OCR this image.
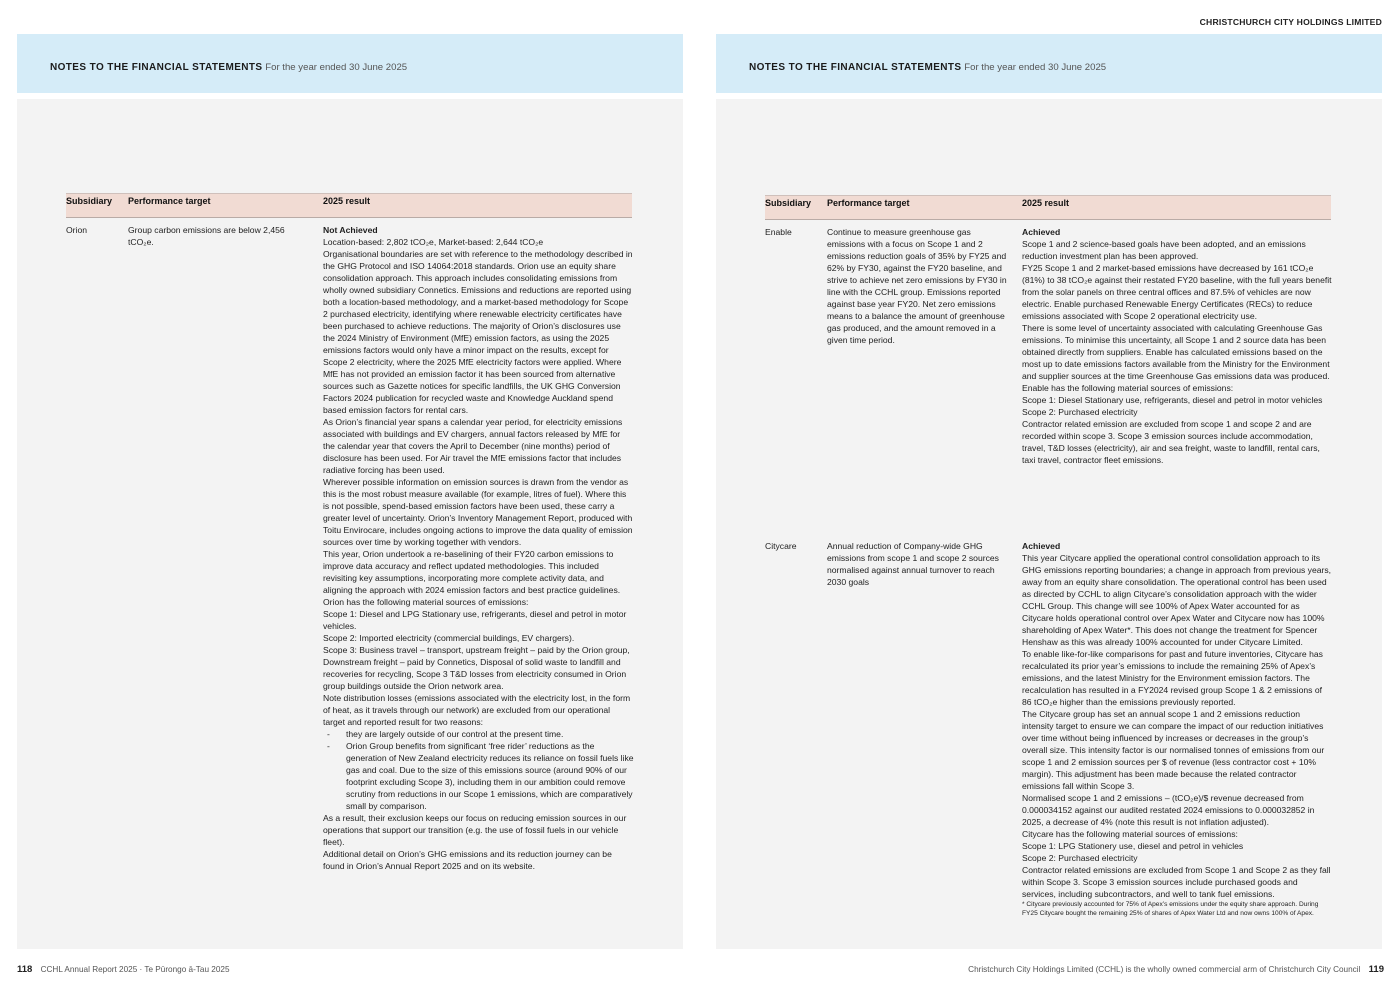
CHRISTCHURCH CITY HOLDINGS LIMITED
NOTES TO THE FINANCIAL STATEMENTS For the year ended 30 June 2025
Subsidiary Performance target	2025 result
Orion	Group carbon emissions are below 2,456 tCO₂e.
Not Achieved
Location-based: 2,802 tCO₂e, Market-based: 2,644 tCO₂e
Organisational boundaries are set with reference to the methodology described in the GHG Protocol and ISO 14064:2018 standards. Orion use an equity share consolidation approach. This approach includes consolidating emissions from wholly owned subsidiary Connetics. Emissions and reductions are reported using both a location-based methodology, and a market-based methodology for Scope 2 purchased electricity, identifying where renewable electricity certificates have been purchased to achieve reductions. The majority of Orion’s disclosures use the 2024 Ministry of Environment (MfE) emission factors, as using the 2025 emissions factors would only have a minor impact on the results, except for Scope 2 electricity, where the 2025 MfE electricity factors were applied. Where MfE has not provided an emission factor it has been sourced from alternative sources such as Gazette notices for specific landfills, the UK GHG Conversion Factors 2024 publication for recycled waste and Knowledge Auckland spend based emission factors for rental cars.
As Orion’s financial year spans a calendar year period, for electricity emissions associated with buildings and EV chargers, annual factors released by MfE for the calendar year that covers the April to December (nine months) period of disclosure has been used. For Air travel the MfE emissions factor that includes radiative forcing has been used.
Wherever possible information on emission sources is drawn from the vendor as this is the most robust measure available (for example, litres of fuel). Where this is not possible, spend-based emission factors have been used, these carry a greater level of uncertainty. Orion’s Inventory Management Report, produced with Toitu Envirocare, includes ongoing actions to improve the data quality of emission sources over time by working together with vendors.
This year, Orion undertook a re-baselining of their FY20 carbon emissions to improve data accuracy and reflect updated methodologies. This included revisiting key assumptions, incorporating more complete activity data, and aligning the approach with 2024 emission factors and best practice guidelines.
Orion has the following material sources of emissions:
Scope 1: Diesel and LPG Stationary use, refrigerants, diesel and petrol in motor vehicles.
Scope 2: Imported electricity (commercial buildings, EV chargers).
Scope 3: Business travel – transport, upstream freight – paid by the Orion group, Downstream freight – paid by Connetics, Disposal of solid waste to landfill and recoveries for recycling, Scope 3 T&D losses from electricity consumed in Orion group buildings outside the Orion network area.
Note distribution losses (emissions associated with the electricity lost, in the form of heat, as it travels through our network) are excluded from our operational target and reported result for two reasons:
- they are largely outside of our control at the present time.
- Orion Group benefits from significant ‘free rider’ reductions as the generation of New Zealand electricity reduces its reliance on fossil fuels like gas and coal. Due to the size of this emissions source (around 90% of our footprint excluding Scope 3), including them in our ambition could remove scrutiny from reductions in our Scope 1 emissions, which are comparatively small by comparison.
As a result, their exclusion keeps our focus on reducing emission sources in our operations that support our transition (e.g. the use of fossil fuels in our vehicle fleet).
Additional detail on Orion’s GHG emissions and its reduction journey can be found in Orion’s Annual Report 2025 and on its website.
NOTES TO THE FINANCIAL STATEMENTS For the year ended 30 June 2025
Subsidiary Performance target	2025 result
Enable	Continue to measure greenhouse gas emissions with a focus on Scope 1 and 2 emissions reduction goals of 35% by FY25 and 62% by FY30, against the FY20 baseline, and strive to achieve net zero emissions by FY30 in line with the CCHL group. Emissions reported against base year FY20. Net zero emissions means to a balance the amount of greenhouse gas produced, and the amount removed in a given time period.
Achieved
Scope 1 and 2 science-based goals have been adopted, and an emissions reduction investment plan has been approved.
FY25 Scope 1 and 2 market-based emissions have decreased by 161 tCO₂e (81%) to 38 tCO₂e against their restated FY20 baseline, with the full years benefit from the solar panels on three central offices and 87.5% of vehicles are now electric. Enable purchased Renewable Energy Certificates (RECs) to reduce emissions associated with Scope 2 operational electricity use.
There is some level of uncertainty associated with calculating Greenhouse Gas emissions. To minimise this uncertainty, all Scope 1 and 2 source data has been obtained directly from suppliers. Enable has calculated emissions based on the most up to date emissions factors available from the Ministry for the Environment and supplier sources at the time Greenhouse Gas emissions data was produced.
Enable has the following material sources of emissions:
Scope 1: Diesel Stationary use, refrigerants, diesel and petrol in motor vehicles
Scope 2: Purchased electricity
Contractor related emission are excluded from scope 1 and scope 2 and are recorded within scope 3. Scope 3 emission sources include accommodation, travel, T&D losses (electricity), air and sea freight, waste to landfill, rental cars, taxi travel, contractor fleet emissions.
Citycare	Annual reduction of Company-wide GHG emissions from scope 1 and scope 2 sources normalised against annual turnover to reach 2030 goals
Achieved
This year Citycare applied the operational control consolidation approach to its GHG emissions reporting boundaries; a change in approach from previous years, away from an equity share consolidation. The operational control has been used as directed by CCHL to align Citycare’s consolidation approach with the wider CCHL Group. This change will see 100% of Apex Water accounted for as Citycare holds operational control over Apex Water and Citycare now has 100% shareholding of Apex Water*. This does not change the treatment for Spencer Henshaw as this was already 100% accounted for under Citycare Limited.
To enable like-for-like comparisons for past and future inventories, Citycare has recalculated its prior year’s emissions to include the remaining 25% of Apex’s emissions, and the latest Ministry for the Environment emission factors. The recalculation has resulted in a FY2024 revised group Scope 1 & 2 emissions of 86 tCO₂e higher than the emissions previously reported.
The Citycare group has set an annual scope 1 and 2 emissions reduction intensity target to ensure we can compare the impact of our reduction initiatives over time without being influenced by increases or decreases in the group’s overall size. This intensity factor is our normalised tonnes of emissions from our scope 1 and 2 emission sources per $ of revenue (less contractor cost + 10% margin). This adjustment has been made because the related contractor emissions fall within Scope 3.
Normalised scope 1 and 2 emissions – (tCO₂e)/$ revenue decreased from 0.000034152 against our audited restated 2024 emissions to 0.000032852 in 2025, a decrease of 4% (note this result is not inflation adjusted).
Citycare has the following material sources of emissions:
Scope 1: LPG Stationery use, diesel and petrol in vehicles
Scope 2: Purchased electricity
Contractor related emissions are excluded from Scope 1 and Scope 2 as they fall within Scope 3. Scope 3 emission sources include purchased goods and services, including subcontractors, and well to tank fuel emissions.
* Citycare previously accounted for 75% of Apex’s emissions under the equity share approach. During FY25 Citycare bought the remaining 25% of shares of Apex Water Ltd and now owns 100% of Apex.
118 CCHL Annual Report 2025 · Te Pūrongo ā-Tau 2025	Christchurch City Holdings Limited (CCHL) is the wholly owned commercial arm of Christchurch City Council 119
